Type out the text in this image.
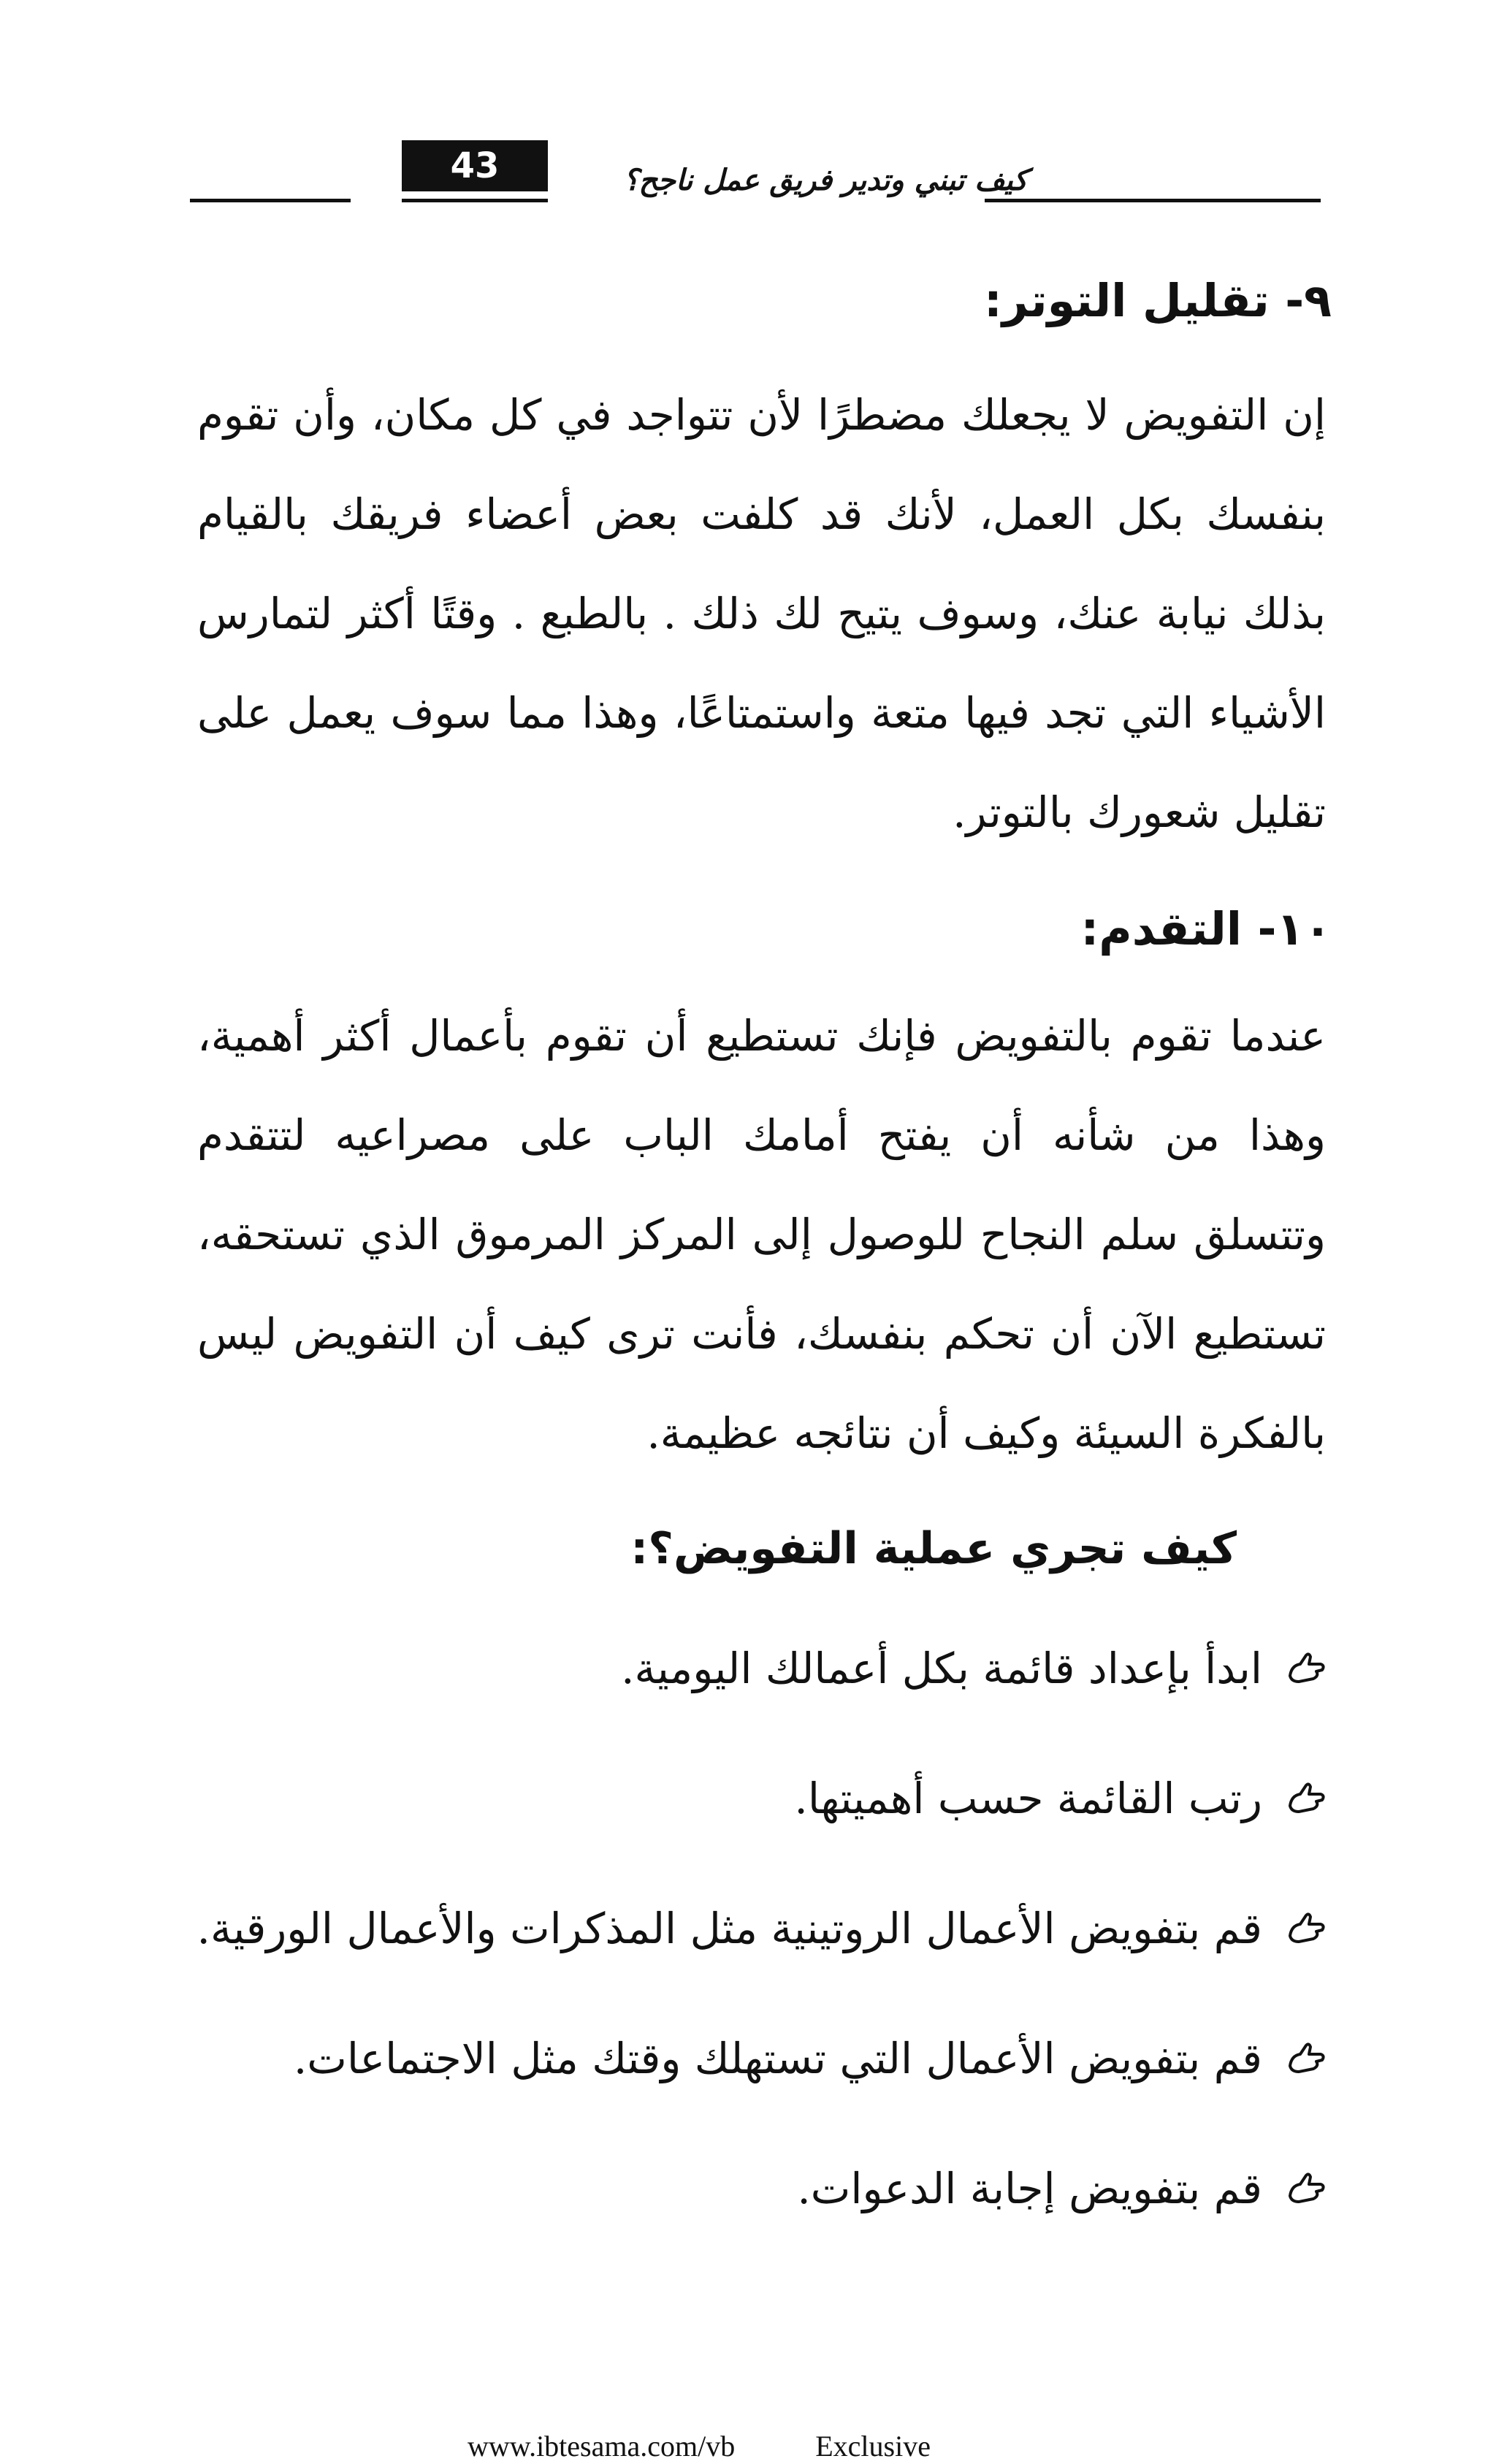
43	كيف تبني وتدير فريق عمل ناجح؟
٩- تقليل التوتر:

إن التفويض لا يجعلك مضطرًا لأن تتواجد في كل مكان، وأن تقوم بنفسك بكل العمل، لأنك قد كلفت بعض أعضاء فريقك بالقيام بذلك نيابة عنك، وسوف يتيح لك ذلك . بالطبع . وقتًا أكثر لتمارس الأشياء التي تجد فيها متعة واستمتاعًا، وهذا مما سوف يعمل على تقليل شعورك بالتوتر.

١٠- التقدم:

عندما تقوم بالتفويض فإنك تستطيع أن تقوم بأعمال أكثر أهمية، وهذا من شأنه أن يفتح أمامك الباب على مصراعيه لتتقدم وتتسلق سلم النجاح للوصول إلى المركز المرموق الذي تستحقه، تستطيع الآن أن تحكم بنفسك، فأنت ترى كيف أن التفويض ليس بالفكرة السيئة وكيف أن نتائجه عظيمة.

كيف تجري عملية التفويض؟:
ابدأ بإعداد قائمة بكل أعمالك اليومية.
رتب القائمة حسب أهميتها.
قم بتفويض الأعمال الروتينية مثل المذكرات والأعمال الورقية.
قم بتفويض الأعمال التي تستهلك وقتك مثل الاجتماعات.
قم بتفويض إجابة الدعوات.
www.ibtesama.com/vb	Exclusive
